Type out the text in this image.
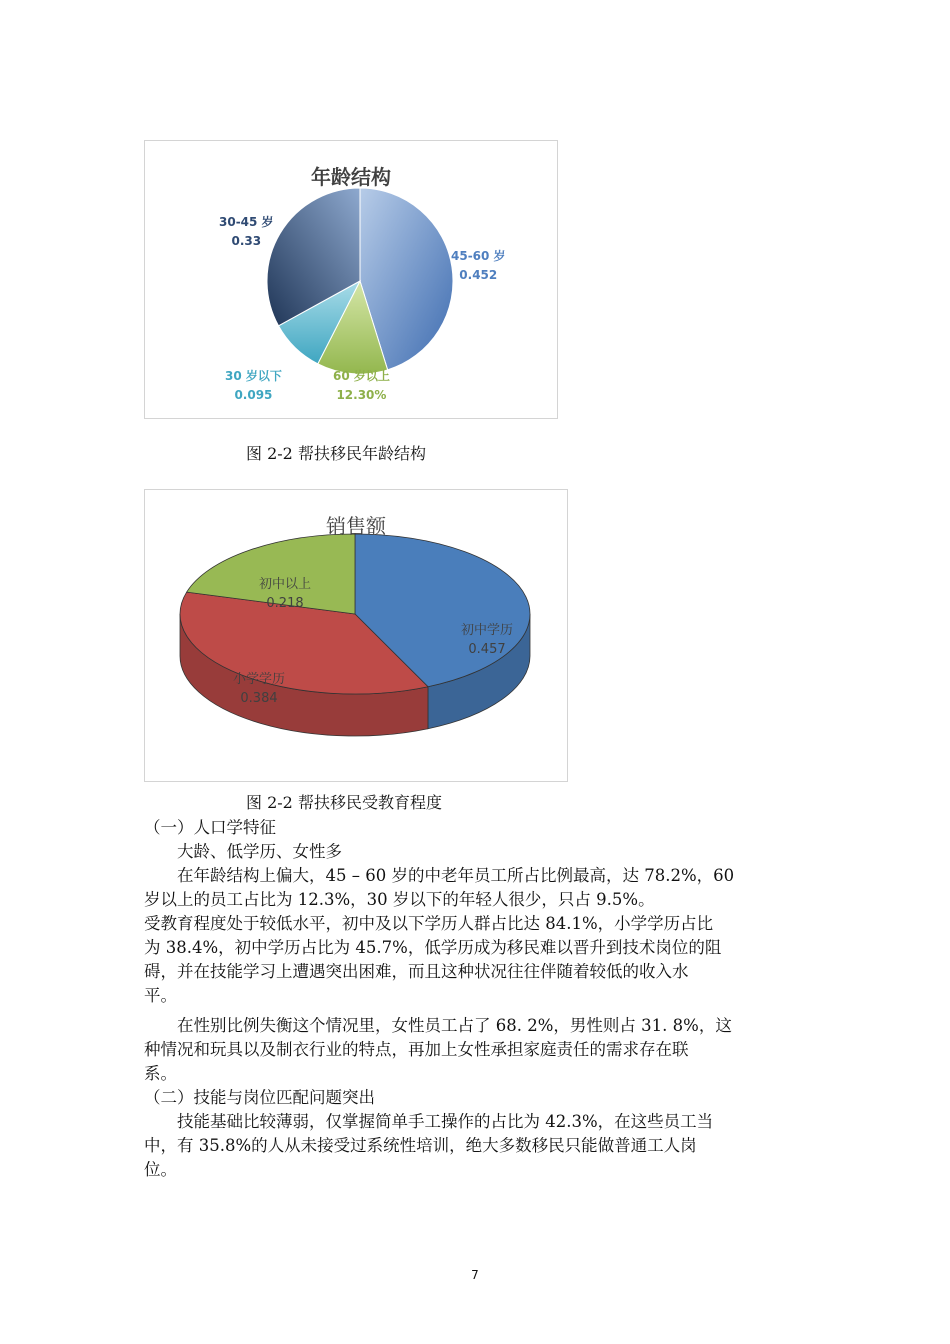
年龄结构
45-60 岁
0.452
60 岁以上
12.30%
30 岁以下
0.095
30-45 岁
0.33
图 2-2 帮扶移民年龄结构
销售额
初中学历
0.457
小学学历
0.384
初中以上
0.218
图 2-2 帮扶移民受教育程度
（一）人口学特征
大龄、低学历、女性多
在年龄结构上偏大，45 – 60 岁的中老年员工所占比例最高，达 78.2%，60
岁以上的员工占比为 12.3%，30 岁以下的年轻人很少，只占 9.5%。
受教育程度处于较低水平，初中及以下学历人群占比达 84.1%，小学学历占比
为 38.4%，初中学历占比为 45.7%，低学历成为移民难以晋升到技术岗位的阻
碍，并在技能学习上遭遇突出困难，而且这种状况往往伴随着较低的收入水
平。
在性别比例失衡这个情况里，女性员工占了 68. 2%，男性则占 31. 8%，这
种情况和玩具以及制衣行业的特点，再加上女性承担家庭责任的需求存在联
系。
（二）技能与岗位匹配问题突出
技能基础比较薄弱，仅掌握简单手工操作的占比为 42.3%，在这些员工当
中，有 35.8%的人从未接受过系统性培训，绝大多数移民只能做普通工人岗
位。
7
